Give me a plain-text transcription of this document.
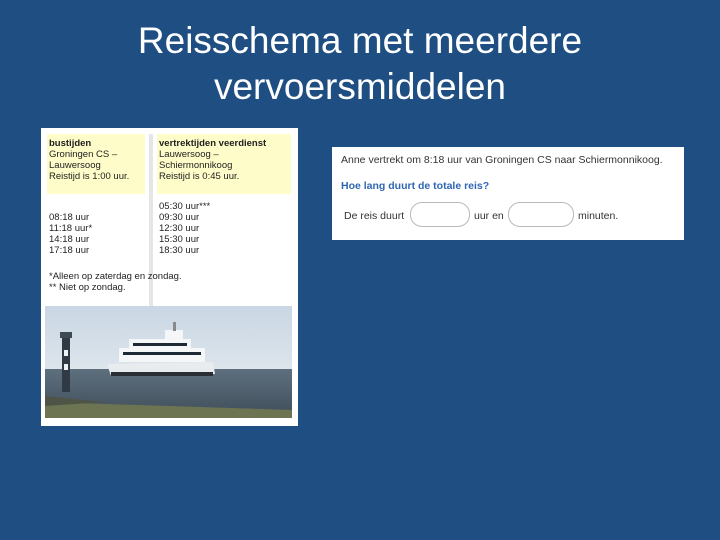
Reisschema met meerdere
vervoersmiddelen
bustijden
Groningen CS –
Lauwersoog
Reistijd is 1:00 uur.
08:18 uur
11:18 uur*
14:18 uur
17:18 uur
vertrektijden veerdienst
Lauwersoog –
Schiermonnikoog
Reistijd is 0:45 uur.
05:30 uur***
09:30 uur
12:30 uur
15:30 uur
18:30 uur
*Alleen op zaterdag en zondag.
** Niet op zondag.
Anne vertrekt om 8:18 uur van Groningen CS naar Schiermonnikoog.
Hoe lang duurt de totale reis?
De reis duurt	uur en	minuten.
